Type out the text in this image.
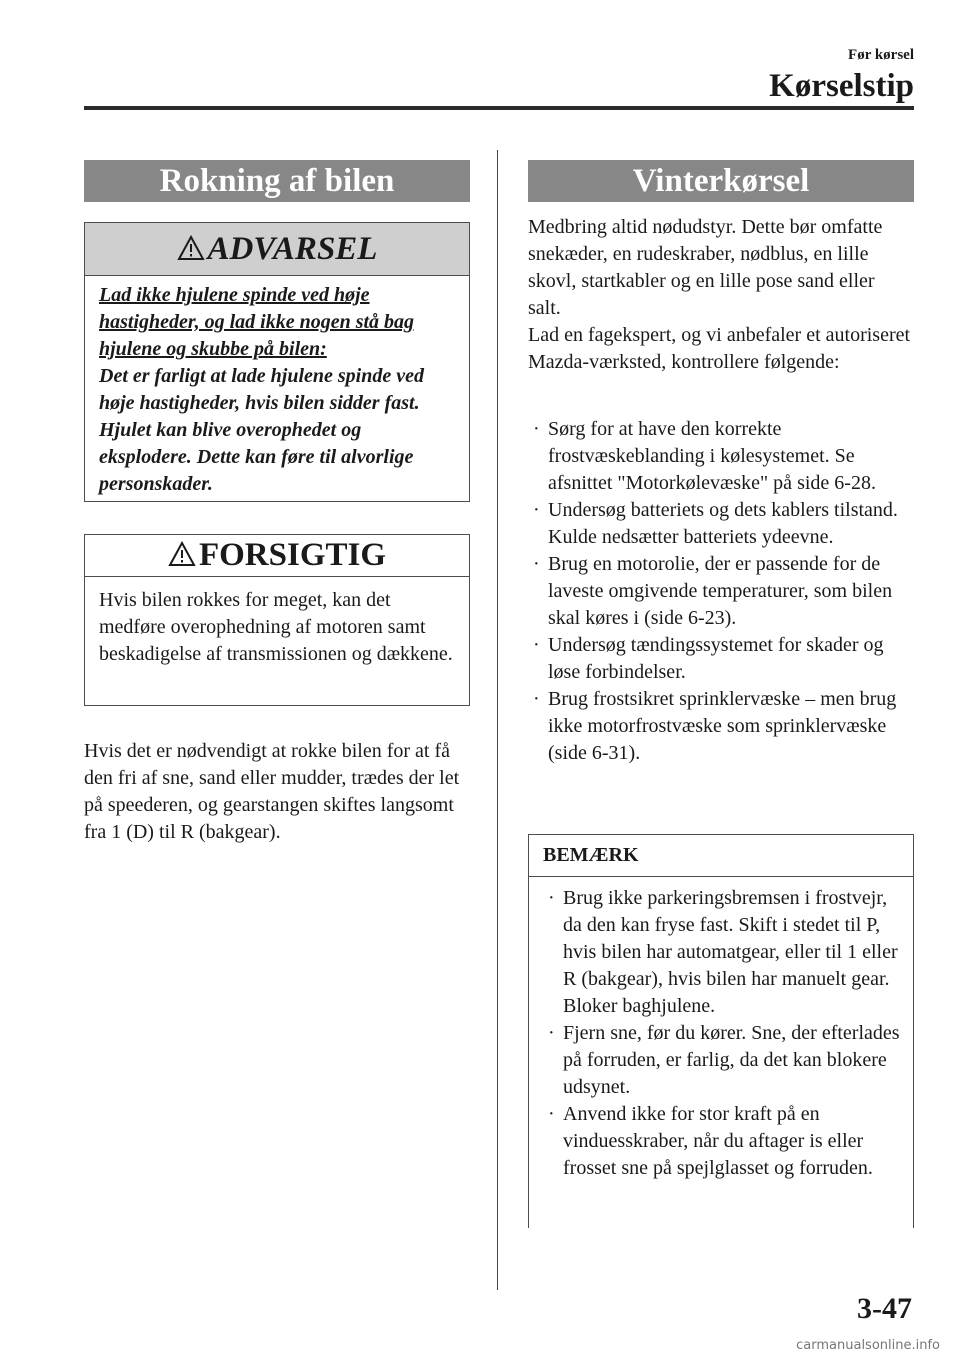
Før kørsel
Kørselstip
Rokning af bilen
ADVARSEL
Lad ikke hjulene spinde ved høje hastigheder, og lad ikke nogen stå bag hjulene og skubbe på bilen:
Det er farligt at lade hjulene spinde ved høje hastigheder, hvis bilen sidder fast. Hjulet kan blive overophedet og eksplodere. Dette kan føre til alvorlige personskader.
FORSIGTIG
Hvis bilen rokkes for meget, kan det medføre overophedning af motoren samt beskadigelse af transmissionen og dækkene.
Hvis det er nødvendigt at rokke bilen for at få den fri af sne, sand eller mudder, trædes der let på speederen, og gearstangen skiftes langsomt fra 1 (D) til R (bakgear).
Vinterkørsel
Medbring altid nødudstyr. Dette bør omfatte snekæder, en rudeskraber, nødblus, en lille skovl, startkabler og en lille pose sand eller salt.
Lad en fagekspert, og vi anbefaler et autoriseret Mazda-værksted, kontrollere følgende:
· Sørg for at have den korrekte frostvæskeblanding i kølesystemet. Se afsnittet "Motorkølevæske" på side 6-28.
· Undersøg batteriets og dets kablers tilstand. Kulde nedsætter batteriets ydeevne.
· Brug en motorolie, der er passende for de laveste omgivende temperaturer, som bilen skal køres i (side 6-23).
· Undersøg tændingssystemet for skader og løse forbindelser.
· Brug frostsikret sprinklervæske – men brug ikke motorfrostvæske som sprinklervæske (side 6-31).
BEMÆRK
· Brug ikke parkeringsbremsen i frostvejr, da den kan fryse fast. Skift i stedet til P, hvis bilen har automatgear, eller til 1 eller R (bakgear), hvis bilen har manuelt gear. Bloker baghjulene.
· Fjern sne, før du kører. Sne, der efterlades på forruden, er farlig, da det kan blokere udsynet.
· Anvend ikke for stor kraft på en vinduesskraber, når du aftager is eller frosset sne på spejlglasset og forruden.
3-47
carmanualsonline.info
